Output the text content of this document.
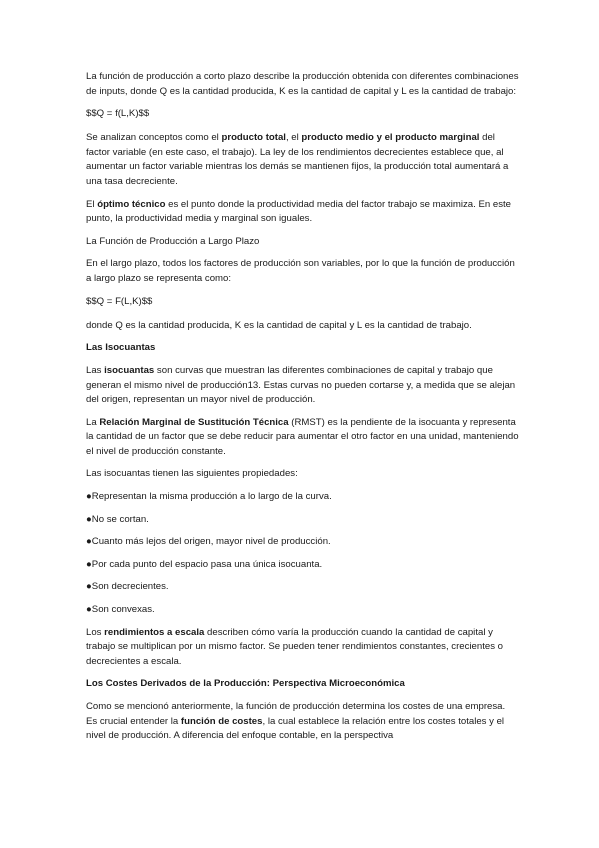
La función de producción a corto plazo describe la producción obtenida con diferentes combinaciones de inputs, donde Q es la cantidad producida, K es la cantidad de capital y L es la cantidad de trabajo:

$$Q = f(L,K)$$

Se analizan conceptos como el producto total, el producto medio y el producto marginal del factor variable (en este caso, el trabajo). La ley de los rendimientos decrecientes establece que, al aumentar un factor variable mientras los demás se mantienen fijos, la producción total aumentará a una tasa decreciente.

El óptimo técnico es el punto donde la productividad media del factor trabajo se maximiza. En este punto, la productividad media y marginal son iguales.

La Función de Producción a Largo Plazo

En el largo plazo, todos los factores de producción son variables, por lo que la función de producción a largo plazo se representa como:

$$Q = F(L,K)$$

donde Q es la cantidad producida, K es la cantidad de capital y L es la cantidad de trabajo.

Las Isocuantas

Las isocuantas son curvas que muestran las diferentes combinaciones de capital y trabajo que generan el mismo nivel de producción13. Estas curvas no pueden cortarse y, a medida que se alejan del origen, representan un mayor nivel de producción.

La Relación Marginal de Sustitución Técnica (RMST) es la pendiente de la isocuanta y representa la cantidad de un factor que se debe reducir para aumentar el otro factor en una unidad, manteniendo el nivel de producción constante.

Las isocuantas tienen las siguientes propiedades:

●Representan la misma producción a lo largo de la curva.

●No se cortan.

●Cuanto más lejos del origen, mayor nivel de producción.

●Por cada punto del espacio pasa una única isocuanta.

●Son decrecientes.

●Son convexas.

Los rendimientos a escala describen cómo varía la producción cuando la cantidad de capital y trabajo se multiplican por un mismo factor. Se pueden tener rendimientos constantes, crecientes o decrecientes a escala.

Los Costes Derivados de la Producción: Perspectiva Microeconómica

Como se mencionó anteriormente, la función de producción determina los costes de una empresa. Es crucial entender la función de costes, la cual establece la relación entre los costes totales y el nivel de producción. A diferencia del enfoque contable, en la perspectiva
